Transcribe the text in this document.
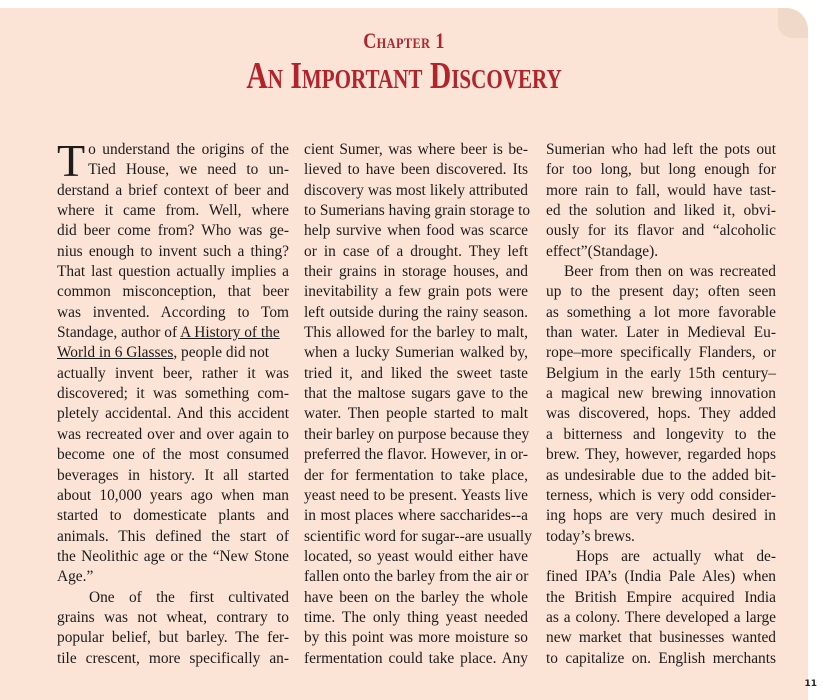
Chapter 1
An Important Discovery
T o understand the origins of the
Tied House, we need to un-
derstand a brief context of beer and
where it came from. Well, where
did beer come from? Who was ge-
nius enough to invent such a thing?
That last question actually implies a
common misconception, that beer
was invented. According to Tom
Standage, author of A History of the
World in 6 Glasses, people did not
actually invent beer, rather it was
discovered; it was something com-
pletely accidental. And this accident
was recreated over and over again to
become one of the most consumed
beverages in history. It all started
about 10,000 years ago when man
started to domesticate plants and
animals. This defined the start of
the Neolithic age or the “New Stone
Age.”
One of the first cultivated
grains was not wheat, contrary to
popular belief, but barley. The fer-
tile crescent, more specifically an-
cient Sumer, was where beer is be-
lieved to have been discovered. Its
discovery was most likely attributed
to Sumerians having grain storage to
help survive when food was scarce
or in case of a drought. They left
their grains in storage houses, and
inevitability a few grain pots were
left outside during the rainy season.
This allowed for the barley to malt,
when a lucky Sumerian walked by,
tried it, and liked the sweet taste
that the maltose sugars gave to the
water. Then people started to malt
their barley on purpose because they
preferred the flavor. However, in or-
der for fermentation to take place,
yeast need to be present. Yeasts live
in most places where saccharides--a
scientific word for sugar--are usually
located, so yeast would either have
fallen onto the barley from the air or
have been on the barley the whole
time. The only thing yeast needed
by this point was more moisture so
fermentation could take place. Any
Sumerian who had left the pots out
for too long, but long enough for
more rain to fall, would have tast-
ed the solution and liked it, obvi-
ously for its flavor and “alcoholic
effect”(Standage).
Beer from then on was recreated
up to the present day; often seen
as something a lot more favorable
than water. Later in Medieval Eu-
rope–more specifically Flanders, or
Belgium in the early 15th century–
a magical new brewing innovation
was discovered, hops. They added
a bitterness and longevity to the
brew. They, however, regarded hops
as undesirable due to the added bit-
terness, which is very odd consider-
ing hops are very much desired in
today’s brews.
Hops are actually what de-
fined IPA’s (India Pale Ales) when
the British Empire acquired India
as a colony. There developed a large
new market that businesses wanted
to capitalize on. English merchants
11
